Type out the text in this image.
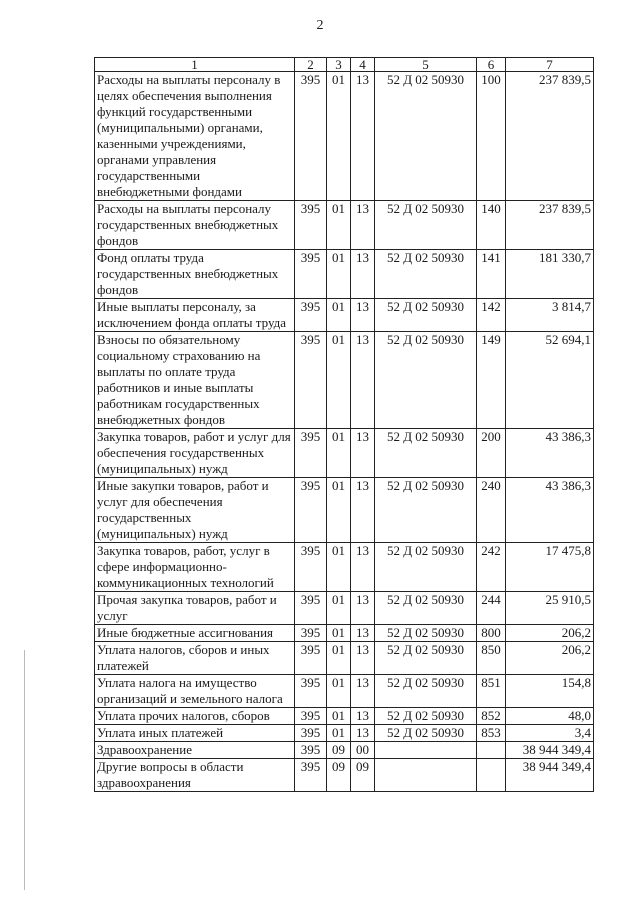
2
1	2	3	4	5	6	7
Расходы на выплаты персоналу в целях обеспечения выполнения функций государственными (муниципальными) органами, казенными учреждениями, органами управления государственными внебюджетными фондами	395	01	13	52 Д 02 50930	100	237 839,5
Расходы на выплаты персоналу государственных внебюджетных фондов	395	01	13	52 Д 02 50930	140	237 839,5
Фонд оплаты труда государственных внебюджетных фондов	395	01	13	52 Д 02 50930	141	181 330,7
Иные выплаты персоналу, за исключением фонда оплаты труда	395	01	13	52 Д 02 50930	142	3 814,7
Взносы по обязательному социальному страхованию на выплаты по оплате труда работников и иные выплаты работникам государственных внебюджетных фондов	395	01	13	52 Д 02 50930	149	52 694,1
Закупка товаров, работ и услуг для обеспечения государственных (муниципальных) нужд	395	01	13	52 Д 02 50930	200	43 386,3
Иные закупки товаров, работ и услуг для обеспечения государственных (муниципальных) нужд	395	01	13	52 Д 02 50930	240	43 386,3
Закупка товаров, работ, услуг в сфере информационно-коммуникационных технологий	395	01	13	52 Д 02 50930	242	17 475,8
Прочая закупка товаров, работ и услуг	395	01	13	52 Д 02 50930	244	25 910,5
Иные бюджетные ассигнования	395	01	13	52 Д 02 50930	800	206,2
Уплата налогов, сборов и иных платежей	395	01	13	52 Д 02 50930	850	206,2
Уплата налога на имущество организаций и земельного налога	395	01	13	52 Д 02 50930	851	154,8
Уплата прочих налогов, сборов	395	01	13	52 Д 02 50930	852	48,0
Уплата иных платежей	395	01	13	52 Д 02 50930	853	3,4
Здравоохранение	395	09	00			38 944 349,4
Другие вопросы в области здравоохранения	395	09	09			38 944 349,4
